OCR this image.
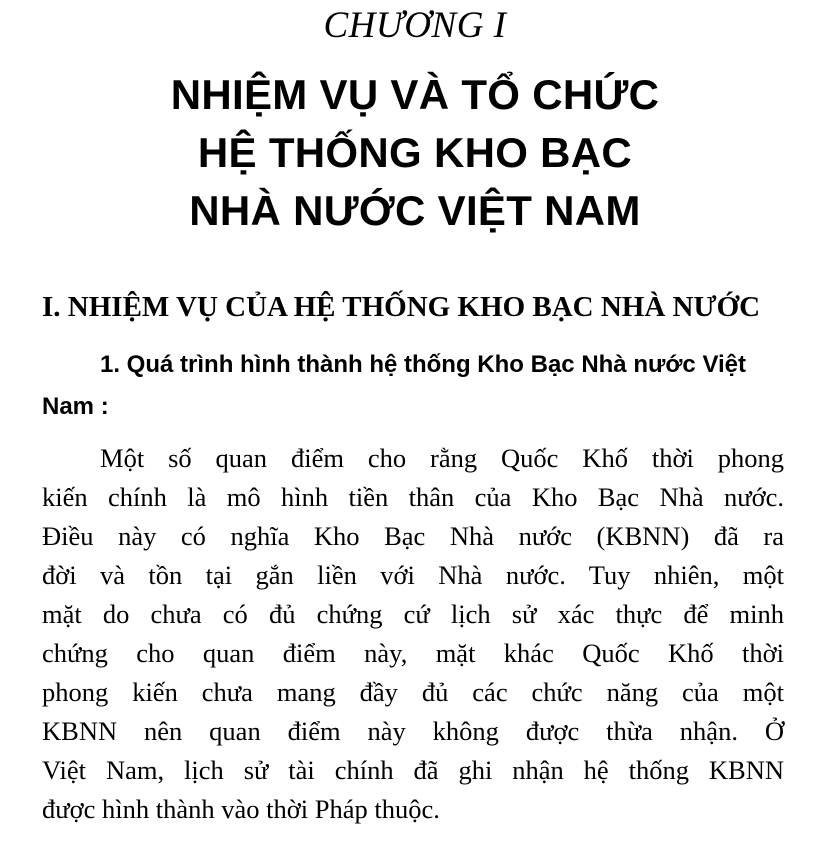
CHƯƠNG I
NHIỆM VỤ VÀ TỔ CHỨC
HỆ THỐNG KHO BẠC
NHÀ NƯỚC VIỆT NAM
I. NHIỆM VỤ CỦA HỆ THỐNG KHO BẠC NHÀ NƯỚC
1. Quá trình hình thành hệ thống Kho Bạc Nhà nước Việt Nam :
Một số quan điểm cho rằng Quốc Khố thời phong
kiến chính là mô hình tiền thân của Kho Bạc Nhà nước.
Điều này có nghĩa Kho Bạc Nhà nước (KBNN) đã ra
đời và tồn tại gắn liền với Nhà nước. Tuy nhiên, một
mặt do chưa có đủ chứng cứ lịch sử xác thực để minh
chứng cho quan điểm này, mặt khác Quốc Khố thời
phong kiến chưa mang đầy đủ các chức năng của một
KBNN nên quan điểm này không được thừa nhận. Ở
Việt Nam, lịch sử tài chính đã ghi nhận hệ thống KBNN
được hình thành vào thời Pháp thuộc.
